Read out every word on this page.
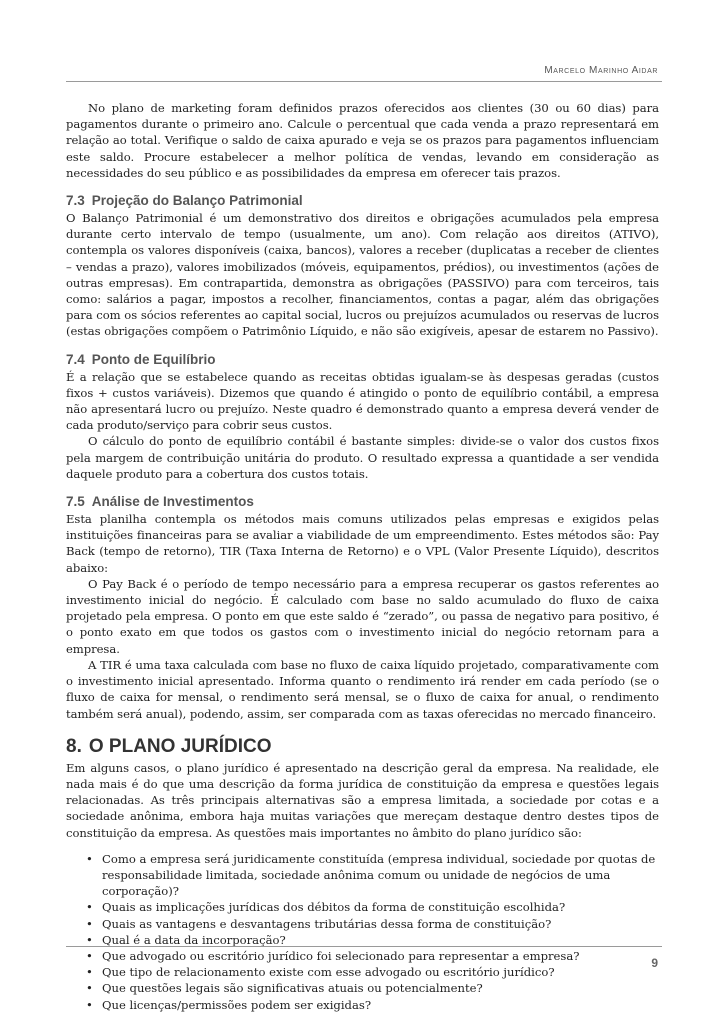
Marcelo Marinho Aidar

No plano de marketing foram definidos prazos oferecidos aos clientes (30 ou 60 dias) para pagamentos durante o primeiro ano. Calcule o percentual que cada venda a prazo representará em relação ao total. Verifique o saldo de caixa apurado e veja se os prazos para pagamentos influenciam este saldo. Procure estabelecer a melhor política de vendas, levando em consideração as necessidades do seu público e as possibilidades da empresa em oferecer tais prazos.

7.3 Projeção do Balanço Patrimonial

O Balanço Patrimonial é um demonstrativo dos direitos e obrigações acumulados pela empresa durante certo intervalo de tempo (usualmente, um ano). Com relação aos direitos (ATIVO), contempla os valores disponíveis (caixa, bancos), valores a receber (duplicatas a receber de clientes – vendas a prazo), valores imobilizados (móveis, equipamentos, prédios), ou investimentos (ações de outras empresas). Em contrapartida, demonstra as obrigações (PASSIVO) para com terceiros, tais como: salários a pagar, impostos a recolher, financiamentos, contas a pagar, além das obrigações para com os sócios referentes ao capital social, lucros ou prejuízos acumulados ou reservas de lucros (estas obrigações compõem o Patrimônio Líquido, e não são exigíveis, apesar de estarem no Passivo).

7.4 Ponto de Equilíbrio

É a relação que se estabelece quando as receitas obtidas igualam-se às despesas geradas (custos fixos + custos variáveis). Dizemos que quando é atingido o ponto de equilíbrio contábil, a empresa não apresentará lucro ou prejuízo. Neste quadro é demonstrado quanto a empresa deverá vender de cada produto/serviço para cobrir seus custos.

O cálculo do ponto de equilíbrio contábil é bastante simples: divide-se o valor dos custos fixos pela margem de contribuição unitária do produto. O resultado expressa a quantidade a ser vendida daquele produto para a cobertura dos custos totais.

7.5 Análise de Investimentos

Esta planilha contempla os métodos mais comuns utilizados pelas empresas e exigidos pelas instituições financeiras para se avaliar a viabilidade de um empreendimento. Estes métodos são: Pay Back (tempo de retorno), TIR (Taxa Interna de Retorno) e o VPL (Valor Presente Líquido), descritos abaixo:

O Pay Back é o período de tempo necessário para a empresa recuperar os gastos referentes ao investimento inicial do negócio. É calculado com base no saldo acumulado do fluxo de caixa projetado pela empresa. O ponto em que este saldo é “zerado”, ou passa de negativo para positivo, é o ponto exato em que todos os gastos com o investimento inicial do negócio retornam para a empresa.

A TIR é uma taxa calculada com base no fluxo de caixa líquido projetado, comparativamente com o investimento inicial apresentado. Informa quanto o rendimento irá render em cada período (se o fluxo de caixa for mensal, o rendimento será mensal, se o fluxo de caixa for anual, o rendimento também será anual), podendo, assim, ser comparada com as taxas oferecidas no mercado financeiro.

8. O PLANO JURÍDICO

Em alguns casos, o plano jurídico é apresentado na descrição geral da empresa. Na realidade, ele nada mais é do que uma descrição da forma jurídica de constituição da empresa e questões legais relacionadas. As três principais alternativas são a empresa limitada, a sociedade por cotas e a sociedade anônima, embora haja muitas variações que mereçam destaque dentro destes tipos de constituição da empresa. As questões mais importantes no âmbito do plano jurídico são:

• Como a empresa será juridicamente constituída (empresa individual, sociedade por quotas de responsabilidade limitada, sociedade anônima comum ou unidade de negócios de uma corporação)?
• Quais as implicações jurídicas dos débitos da forma de constituição escolhida?
• Quais as vantagens e desvantagens tributárias dessa forma de constituição?
• Qual é a data da incorporação?
• Que advogado ou escritório jurídico foi selecionado para representar a empresa?
• Que tipo de relacionamento existe com esse advogado ou escritório jurídico?
• Que questões legais são significativas atuais ou potencialmente?
• Que licenças/permissões podem ser exigidas?
9
